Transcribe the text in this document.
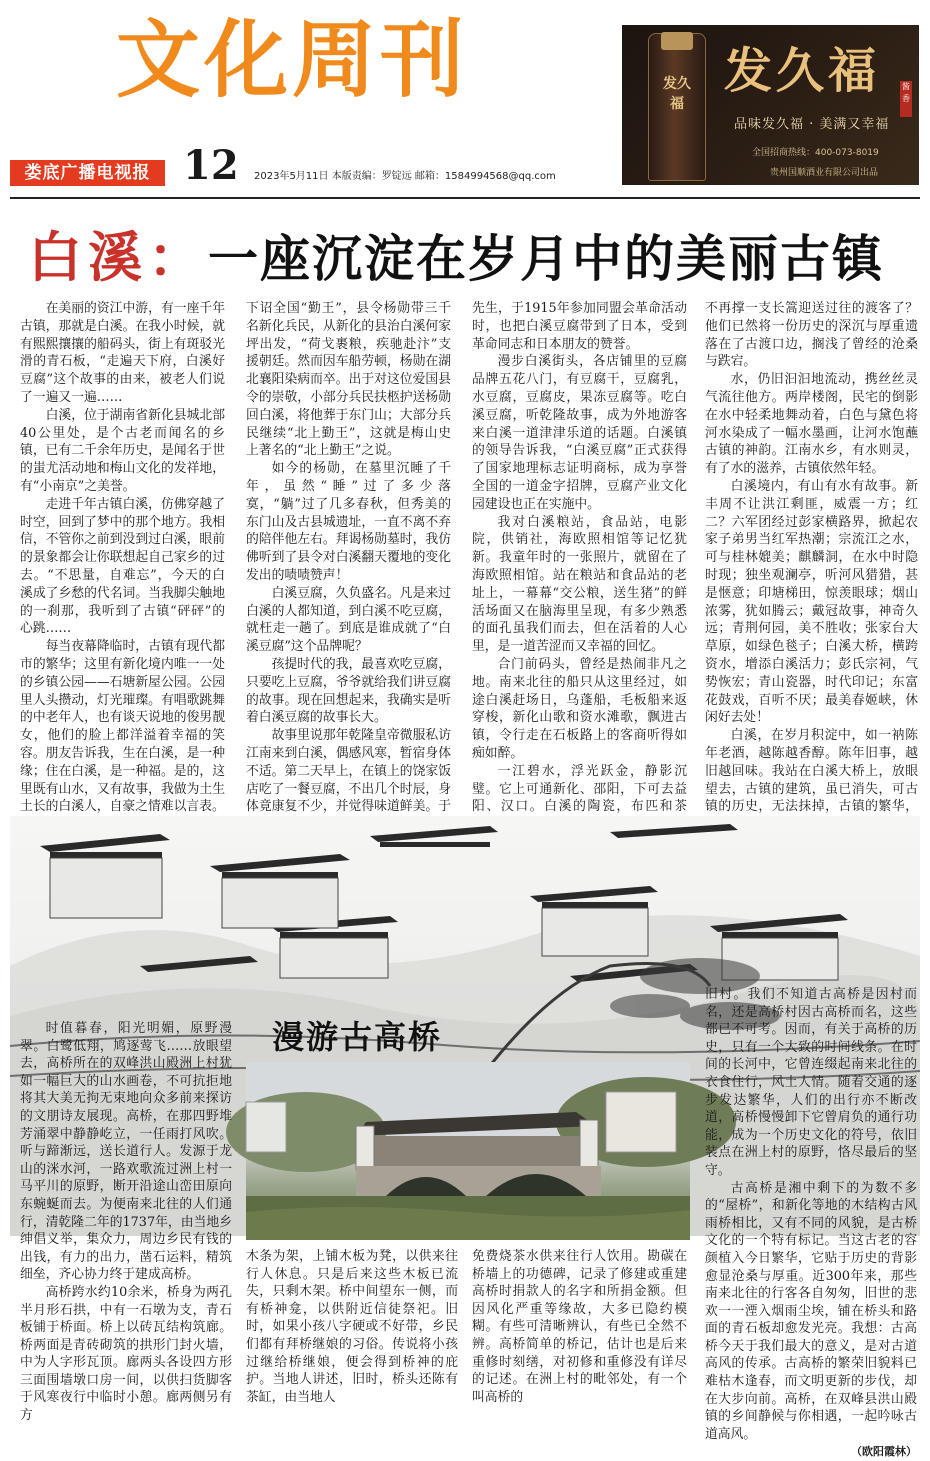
文化周刊	发久福
发久福	酱香
品味发久福 · 美满又幸福
全国招商热线：400-073-8019
贵州国顺酒业有限公司出品
娄底广播电视报 12 2023年5月11日 本版责编：罗锭远 邮箱：1584994568@qq.com
白溪：一座沉淀在岁月中的美丽古镇

在美丽的资江中游，有一座千年古镇，那就是白溪。在我小时候，就有熙熙攘攘的船码头，街上有斑驳光滑的青石板，“走遍天下府，白溪好豆腐”这个故事的由来，被老人们说了一遍又一遍……

白溪，位于湖南省新化县城北部40公里处，是个古老而闻名的乡镇，已有二千余年历史，是闻名于世的蚩尤活动地和梅山文化的发祥地，有“小南京”之美誉。

走进千年古镇白溪，仿佛穿越了时空，回到了梦中的那个地方。我相信，不管你之前到没到过白溪，眼前的景象都会让你联想起自己家乡的过去。“不思量，自难忘”，今天的白溪成了乡愁的代名词。当我脚尖触地的一刹那，我听到了古镇“砰砰”的心跳……

每当夜幕降临时，古镇有现代都市的繁华；这里有新化境内唯一一处的乡镇公园——石塘新屋公园。公园里人头攒动，灯光璀璨。有唱歌跳舞的中老年人，也有谈天说地的俊男靓女，他们的脸上都洋溢着幸福的笑容。朋友告诉我，生在白溪，是一种缘；住在白溪，是一种福。是的，这里既有山水，又有故事，我做为土生土长的白溪人，自豪之情难以言表。

下诏全国“勤王”，县令杨勋带三千名新化兵民，从新化的县治白溪何家坪出发，“荷戈裹粮，疾驰赴汴”支援朝廷。然而因车船劳顿，杨勋在湖北襄阳染病而卒。出于对这位爱国县令的崇敬，小部分兵民扶柩护送杨勋回白溪，将他葬于东门山；大部分兵民继续“北上勤王”，这就是梅山史上著名的“北上勤王”之说。

如今的杨勋，在墓里沉睡了千年，虽然“睡”过了多少落寞，“躺”过了几多春秋，但秀美的东门山及古县城遗址，一直不离不弃的陪伴他左右。拜谒杨勋墓时，我仿佛听到了县令对白溪翻天覆地的变化发出的啧啧赞声！

白溪豆腐，久负盛名。凡是来过白溪的人都知道，到白溪不吃豆腐，就枉走一趟了。到底是谁成就了“白溪豆腐”这个品牌呢？

孩提时代的我，最喜欢吃豆腐，只要吃上豆腐，爷爷就给我们讲豆腐的故事。现在回想起来，我确实是听着白溪豆腐的故事长大。

故事里说那年乾隆皇帝微服私访江南来到白溪，偶感风寒，暂宿身体不适。第二天早上，在镇上的饶家饭店吃了一餐豆腐，不出几个时辰，身体竟康复不少，并觉得味道鲜美。于

先生，于1915年参加同盟会革命活动时，也把白溪豆腐带到了日本，受到革命同志和日本朋友的赞誉。

漫步白溪街头，各店铺里的豆腐品牌五花八门，有豆腐干，豆腐乳，水豆腐，豆腐皮，果冻豆腐等。吃白溪豆腐，听乾隆故事，成为外地游客来白溪一道津津乐道的话题。白溪镇的领导告诉我，“白溪豆腐”正式获得了国家地理标志证明商标，成为享誉全国的一道金字招牌，豆腐产业文化园建设也正在实施中。

我对白溪粮站，食品站，电影院，供销社，海欧照相馆等记忆犹新。我童年时的一张照片，就留在了海欧照相馆。站在粮站和食品站的老址上，一幕幕“交公粮，送生猪”的鲜活场面又在脑海里呈现，有多少熟悉的面孔虽我们而去，但在活着的人心里，是一道苦涩而又幸福的回忆。

合门前码头，曾经是热闹非凡之地。南来北往的船只从这里经过，如途白溪赶场日，乌蓬船，毛板船来返穿梭，新化山歌和资水滩歌，飘进古镇，令行走在石板路上的客商听得如痴如醉。

一江碧水，浮光跃金，静影沉璧。它上可通新化、邵阳，下可去益阳、汉口。白溪的陶瓷，布匹和茶

不再撑一支长篙迎送过往的渡客了？他们已然将一份历史的深沉与厚重遗落在了古渡口边，搁浅了曾经的沧桑与跌宕。

水，仍旧汩汩地流动，携丝丝灵气流往他方。两岸楼阁，民宅的倒影在水中轻柔地舞动着，白色与黛色将河水染成了一幅水墨画，让河水饱蘸古镇的神韵。江南水乡，有水则灵，有了水的滋养，古镇依然年轻。

白溪境内，有山有水有故事。新丰周不让洪江剩匪，威震一方；红二？六军团经过彭家横路界，掀起农家子弟男当红军热潮；宗流江之水，可与桂林媲美；麒麟洞，在水中时隐时现；独坐观澜亭，听河风猎猎，甚是惬意；印塘梯田，惊羡眼球；烟山浓雾，犹如腾云；戴冠故事，神奇久远；青荆何园，美不胜收；张家台大草原，如绿色毯子；白溪大桥，横跨资水，增添白溪活力；彭氏宗祠，气势恢宏；青山瓷器，时代印记；东富花鼓戏，百听不厌；最美春姬峡，休闲好去处！

白溪，在岁月积淀中，如一衲陈年老酒，越陈越香醇。陈年旧事，越旧越回味。我站在白溪大桥上，放眼望去，古镇的建筑，虽已消失，可古镇的历史，无法抹掉，古镇的繁华，

漫游古高桥

时值暮春，阳光明媚，原野漫翠。白鹭低翔，鸠逐莺飞……放眼望去，高桥所在的双峰洪山殿洲上村犹如一幅巨大的山水画卷，不可抗拒地将其大美无拘无束地向众多前来探访的文朋诗友展现。高桥，在那四野堆芳涌翠中静静屹立，一任雨打风吹。听与蹄渐远，送长道行人。发源于龙山的洣水河，一路欢歌流过洲上村一马平川的原野，断开沿途山峦田原向东蜿蜒而去。为便南来北往的人们通行，清乾隆二年的1737年，由当地乡绅倡义举，集众力，周边乡民有钱的出钱，有力的出力，凿石运料，精筑细垒，齐心协力终于建成高桥。

高桥跨水约10余米，桥身为两孔半月形石拱，中有一石墩为支，青石板铺于桥面。桥上以砖瓦结构筑廊。桥两面是青砖砌筑的拱形门封火墙，中为人字形瓦顶。廊两头各设四方形三面围墙墩口房一间，以供扫货脚客于风寒夜行中临时小憩。廊两侧另有方

木条为架，上铺木板为凳，以供来往行人休息。只是后来这些木板已流失，只剩木架。桥中间望东一侧，而有桥神龛，以供附近信徒祭祀。旧时，如果小孩八字硬或不好带，乡民们都有拜桥继娘的习俗。传说将小孩过继给桥继娘，便会得到桥神的庇护。当地人讲述，旧时，桥头还陈有茶缸，由当地人

免费烧茶水供来往行人饮用。勘碳在桥墙上的功德碑，记录了修建或重建高桥时捐款人的名字和所捐金额。但因风化严重等缘故，大多已隐约模糊。有些可清晰辨认，有些已全然不辨。高桥简单的桥记，估计也是后来重修时刻缮，对初修和重修没有详尽的记述。在洲上村的毗邻处，有一个叫高桥的

旧村。我们不知道古高桥是因村而名，还是高桥村因古高桥而名，这些都已不可考。因而，有关于高桥的历史，只有一个大致的时间线条。在时间的长河中，它曾连缀起南来北往的衣食住行，风土人情。随着交通的逐步发达繁华，人们的出行亦不断改道，高桥慢慢卸下它曾肩负的通行功能，成为一个历史文化的符号，依旧装点在洲上村的原野，恪尽最后的坚守。

古高桥是湘中剩下的为数不多的“屋桥”，和新化等地的木结构古风雨桥相比，又有不同的风貌，是古桥文化的一个特有标记。当这古老的容颜植入今日繁华，它贴于历史的背影愈显沧桑与厚重。近300年来，那些南来北往的行客各自匆匆，旧世的悲欢一一湮入烟雨尘埃，铺在桥头和路面的青石板却愈发光亮。我想：古高桥今天于我们最大的意义，是对古道高风的传承。古高桥的繁荣旧貌料已难枯木逢春，而文明更新的步伐，却在大步向前。高桥，在双峰县洪山殿镇的乡间静候与你相遇，一起吟咏古道高风。

（欧阳霞林）
